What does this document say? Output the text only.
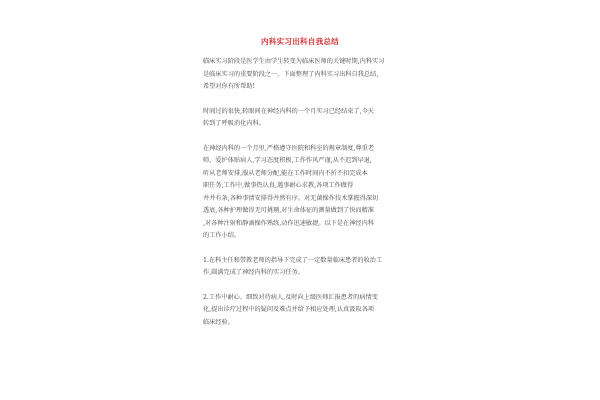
内科实习出科自我总结

临床实习阶段是医学生由学生转变为临床医师的关键时期,内科实习
是临床实习的重要阶段之一。下面整理了内科实习出科自我总结,
希望对你有所帮助!

时间过的很快,转眼间在神经内科的一个月实习已经结束了,今天
转到了呼吸消化内科。

在神经内科的一个月里,严格遵守医院和科室的规章制度,尊重老
师、爱护体贴病人,学习态度积极,工作作风严谨,从不迟到早退,
听从老师安排,服从老师分配,能在工作时间内不折不扣完成本
职任务,工作中,做事热认真,遇事耐心求教,各项工作做得
井井有条,各种事情安排得井然有序。对无菌操作技术掌握得深切
透底,各种护理做得无可挑剔,对生命体征的测量做到了快而精准
,对各种注射和静滴操作熟练,动作迅速敏捷。以下是在神经内科
的工作小结。

1.在科主任和带教老师的指导下完成了一定数量临床患者的收治工
作,圆满完成了神经内科的实习任务。

2.工作中耐心、细致对待病人,及时向上级医师汇报患者的病情变
化,提出诊疗过程中的疑问及难点并给予相应处理,认真汲取各项
临床经验。
